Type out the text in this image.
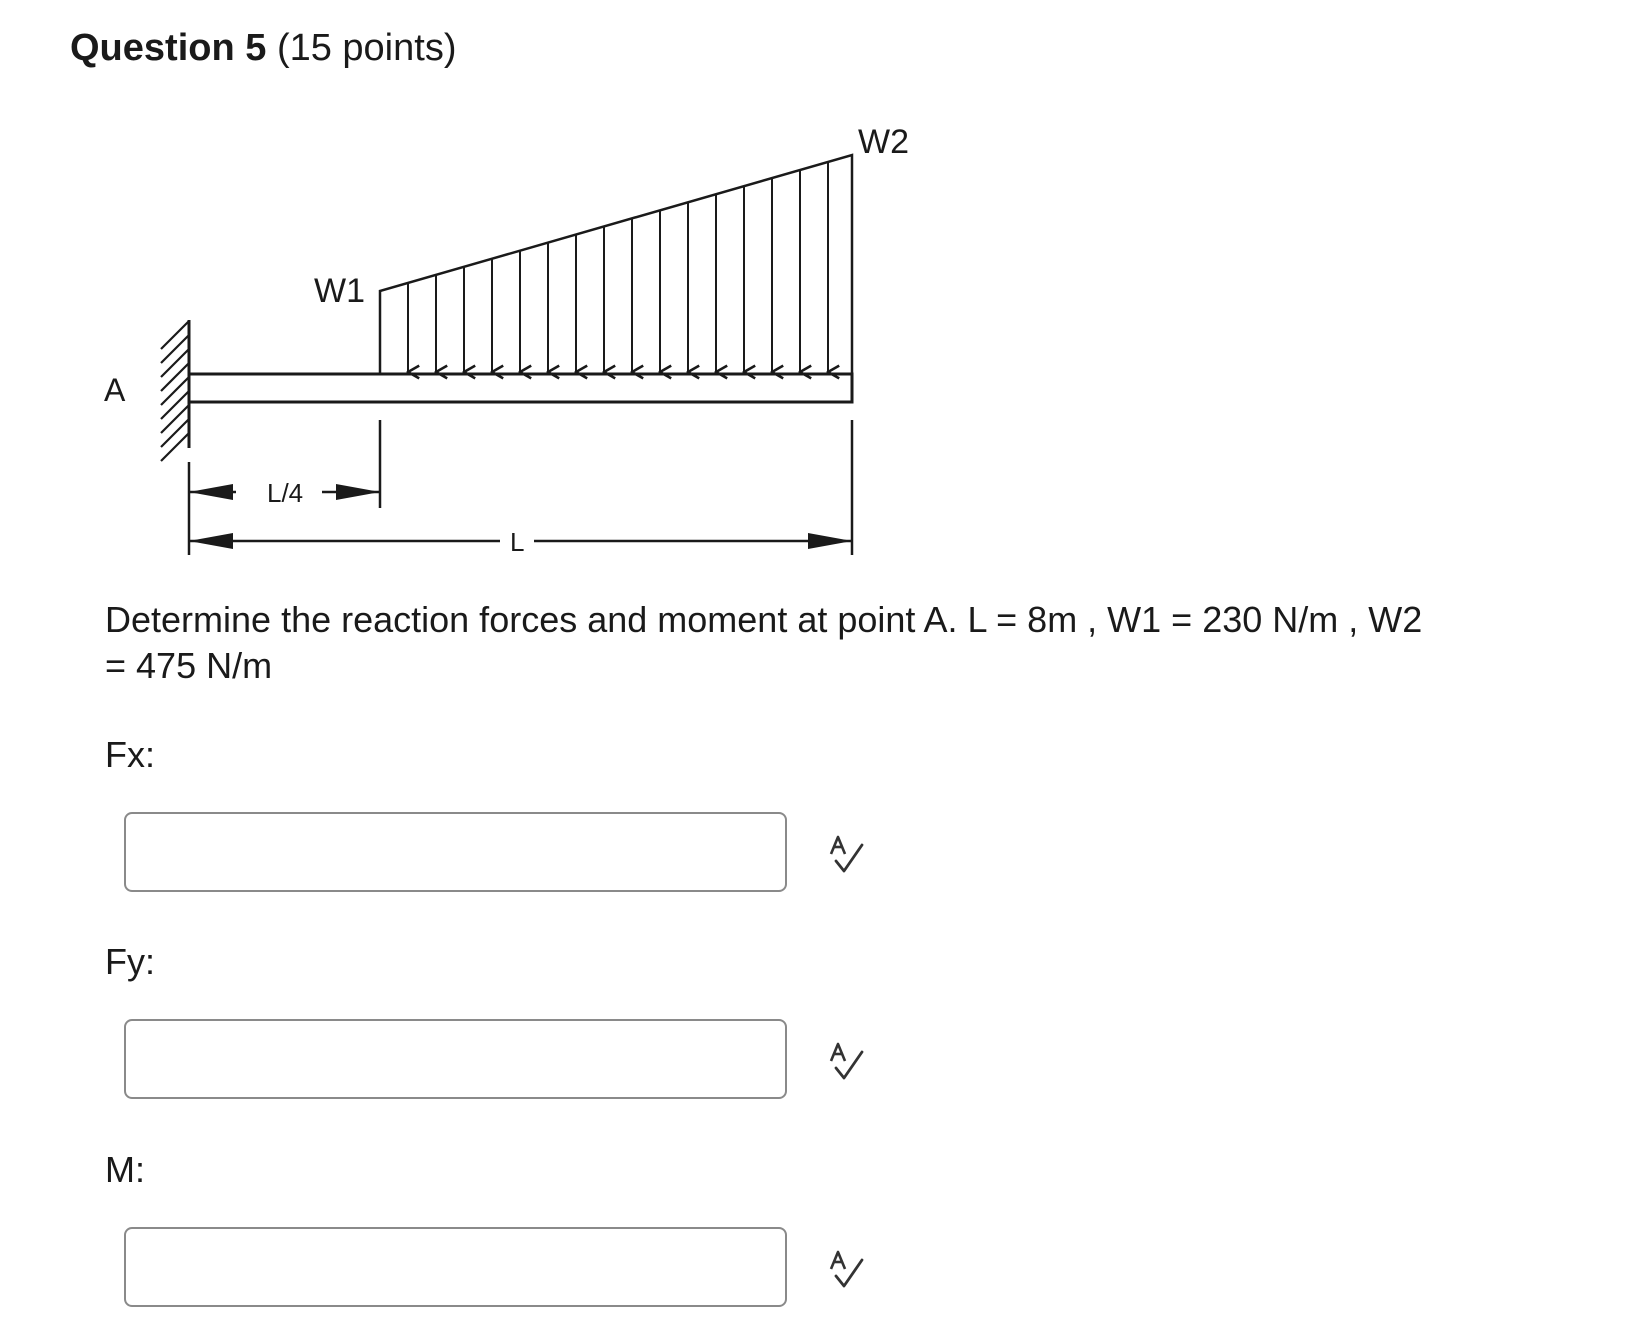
Question 5 (15 points)
A
W1
W2
L/4
L
Determine the reaction forces and moment at point A. L = 8m , W1 = 230 N/m , W2
= 475 N/m
Fx:
Fy:
M:
